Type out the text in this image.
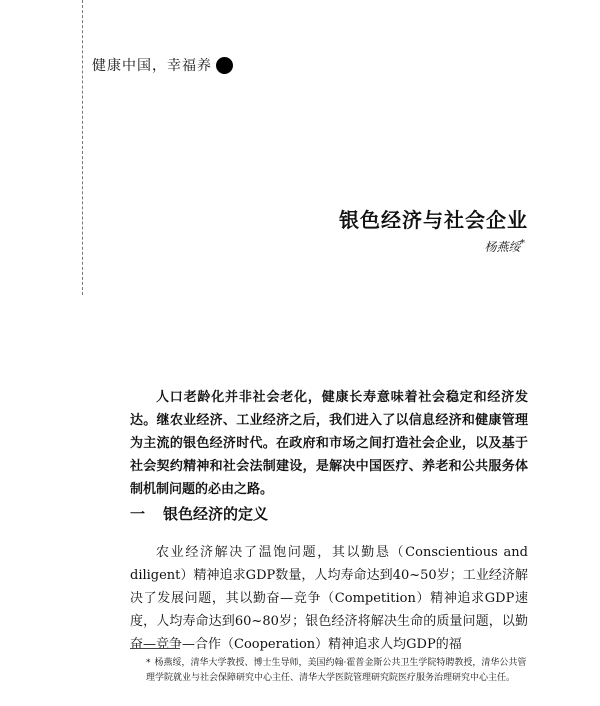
健康中国，幸福养
银色经济与社会企业
杨燕绥*

人口老龄化并非社会老化，健康长寿意味着社会稳定和经济发达。继农业经济、工业经济之后，我们进入了以信息经济和健康管理为主流的银色经济时代。在政府和市场之间打造社会企业，以及基于社会契约精神和社会法制建设，是解决中国医疗、养老和公共服务体制机制问题的必由之路。

一 银色经济的定义

农业经济解决了温饱问题，其以勤恳（Conscientious and diligent）精神追求GDP数量，人均寿命达到40~50岁；工业经济解决了发展问题，其以勤奋—竞争（Competition）精神追求GDP速度，人均寿命达到60~80岁；银色经济将解决生命的质量问题，以勤奋—竞争—合作（Cooperation）精神追求人均GDP的福

* 杨燕绥，清华大学教授、博士生导师，美国约翰·霍普金斯公共卫生学院特聘教授，清华公共管理学院就业与社会保障研究中心主任、清华大学医院管理研究院医疗服务治理研究中心主任。
